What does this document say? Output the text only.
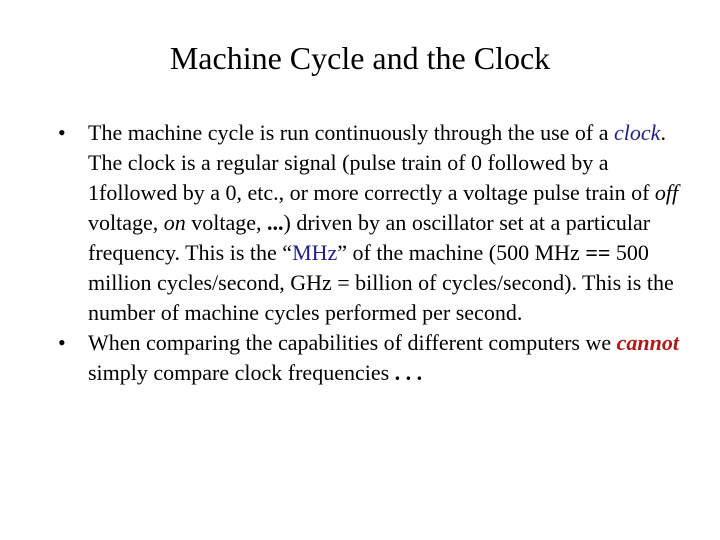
Machine Cycle and the Clock
• The machine cycle is run continuously through the use of a clock. The clock is a regular signal (pulse train of 0 followed by a 1followed by a 0, etc., or more correctly a voltage pulse train of off voltage, on voltage, ...) driven by an oscillator set at a particular frequency. This is the “MHz” of the machine (500 MHz == 500 million cycles/second, GHz = billion of cycles/second). This is the number of machine cycles performed per second.
• When comparing the capabilities of different computers we cannot simply compare clock frequencies . . .
